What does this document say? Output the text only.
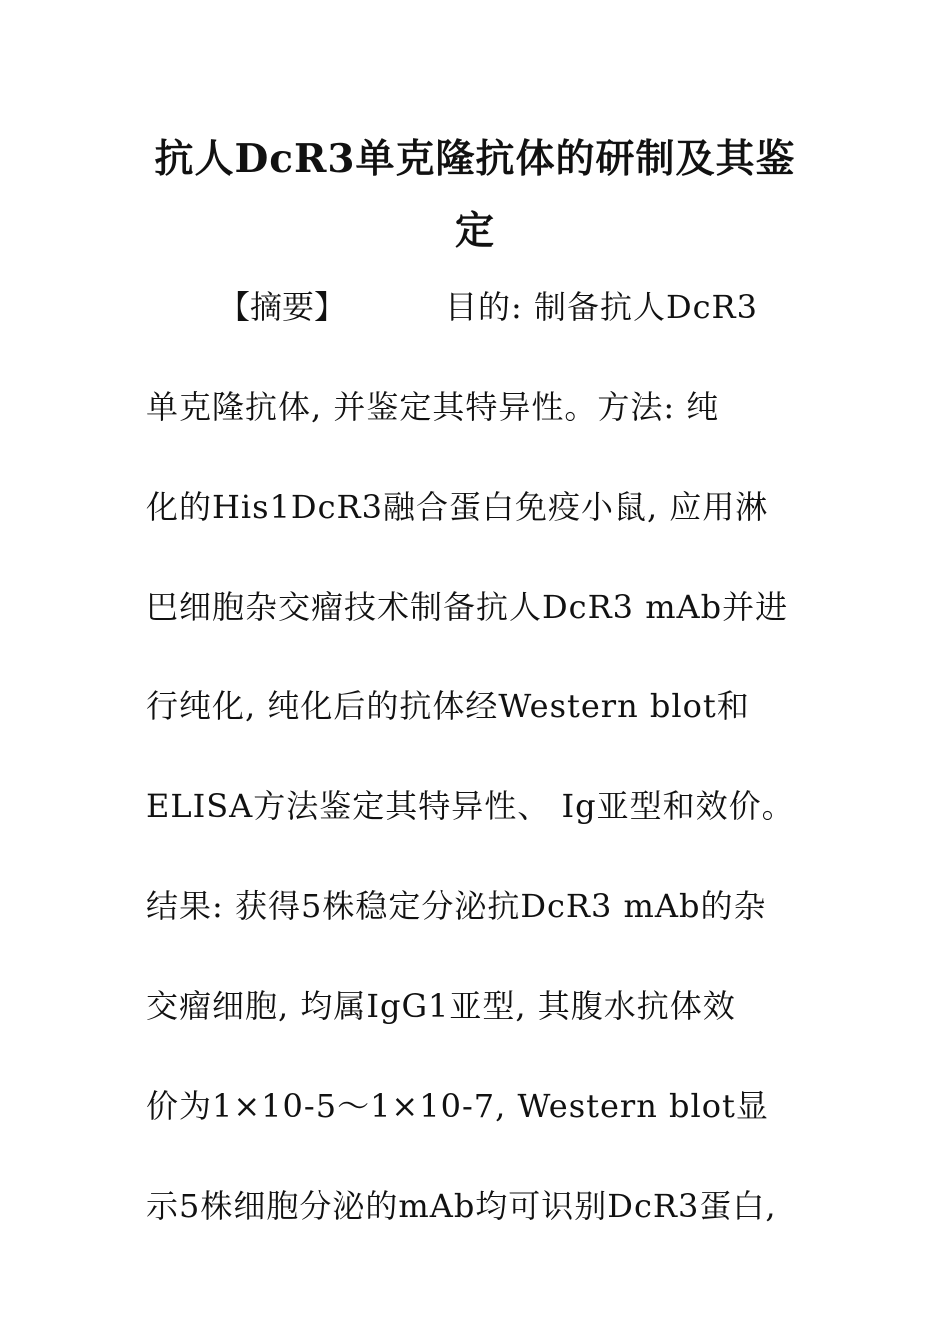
抗人DcR3单克隆抗体的研制及其鉴
定
【摘要】	目的: 制备抗人DcR3
单克隆抗体, 并鉴定其特异性。方法: 纯
化的His1DcR3融合蛋白免疫小鼠, 应用淋
巴细胞杂交瘤技术制备抗人DcR3 mAb并进
行纯化, 纯化后的抗体经Western blot和
ELISA方法鉴定其特异性、 Ig亚型和效价。
结果: 获得5株稳定分泌抗DcR3 mAb的杂
交瘤细胞, 均属IgG1亚型, 其腹水抗体效
价为1×10-5～1×10-7, Western blot显
示5株细胞分泌的mAb均可识别DcR3蛋白,
